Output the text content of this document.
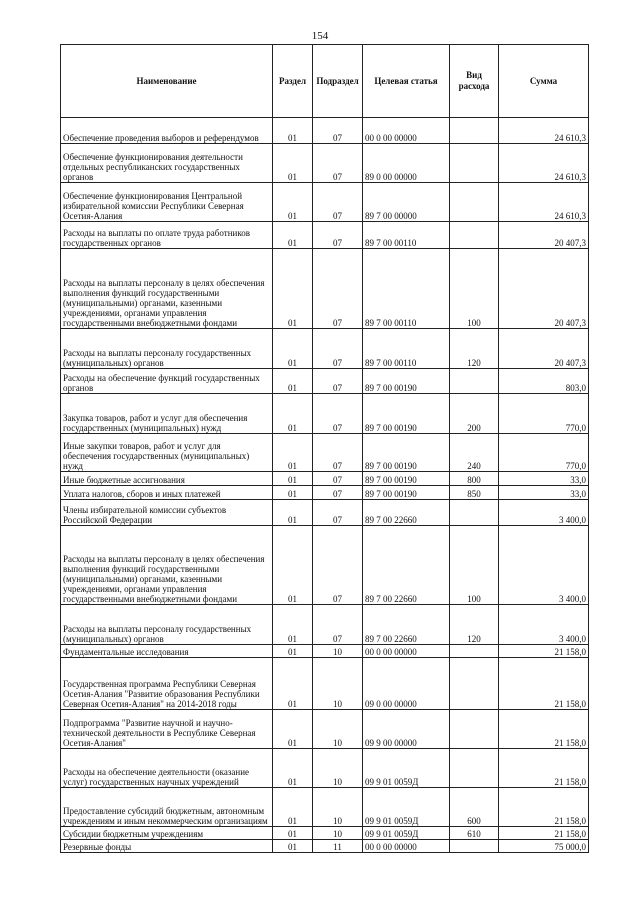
154
Наименование	Раздел	Подраздел	Целевая статья	Вид расхода	Сумма
Обеспечение проведения выборов и референдумов	01	07	00 0 00 00000		24 610,3
Обеспечение функционирования деятельности отдельных республиканских государственных органов	01	07	89 0 00 00000		24 610,3
Обеспечение функционирования Центральной избирательной комиссии Республики Северная Осетия-Алания	01	07	89 7 00 00000		24 610,3
Расходы на выплаты по оплате труда работников государственных органов	01	07	89 7 00 00110		20 407,3
Расходы на выплаты персоналу в целях обеспечения выполнения функций государственными (муниципальными) органами, казенными учреждениями, органами управления государственными внебюджетными фондами	01	07	89 7 00 00110	100	20 407,3
Расходы на выплаты персоналу государственных (муниципальных) органов	01	07	89 7 00 00110	120	20 407,3
Расходы на обеспечение функций государственных органов	01	07	89 7 00 00190		803,0
Закупка товаров, работ и услуг для обеспечения государственных (муниципальных) нужд	01	07	89 7 00 00190	200	770,0
Иные закупки товаров, работ и услуг для обеспечения государственных (муниципальных) нужд	01	07	89 7 00 00190	240	770,0
Иные бюджетные ассигнования	01	07	89 7 00 00190	800	33,0
Уплата налогов, сборов и иных платежей	01	07	89 7 00 00190	850	33,0
Члены избирательной комиссии субъектов Российской Федерации	01	07	89 7 00 22660		3 400,0
Расходы на выплаты персоналу в целях обеспечения выполнения функций государственными (муниципальными) органами, казенными учреждениями, органами управления государственными внебюджетными фондами	01	07	89 7 00 22660	100	3 400,0
Расходы на выплаты персоналу государственных (муниципальных) органов	01	07	89 7 00 22660	120	3 400,0
Фундаментальные исследования	01	10	00 0 00 00000		21 158,0
Государственная программа Республики Северная Осетия-Алания "Развитие образования Республики Северная Осетия-Алания" на 2014-2018 годы	01	10	09 0 00 00000		21 158,0
Подпрограмма "Развитие научной и научно-технической деятельности в Республике Северная Осетия-Алания"	01	10	09 9 00 00000		21 158,0
Расходы на обеспечение деятельности (оказание услуг) государственных научных учреждений	01	10	09 9 01 0059Д		21 158,0
Предоставление субсидий бюджетным, автономным учреждениям и иным некоммерческим организациям	01	10	09 9 01 0059Д	600	21 158,0
Субсидии бюджетным учреждениям	01	10	09 9 01 0059Д	610	21 158,0
Резервные фонды	01	11	00 0 00 00000		75 000,0
